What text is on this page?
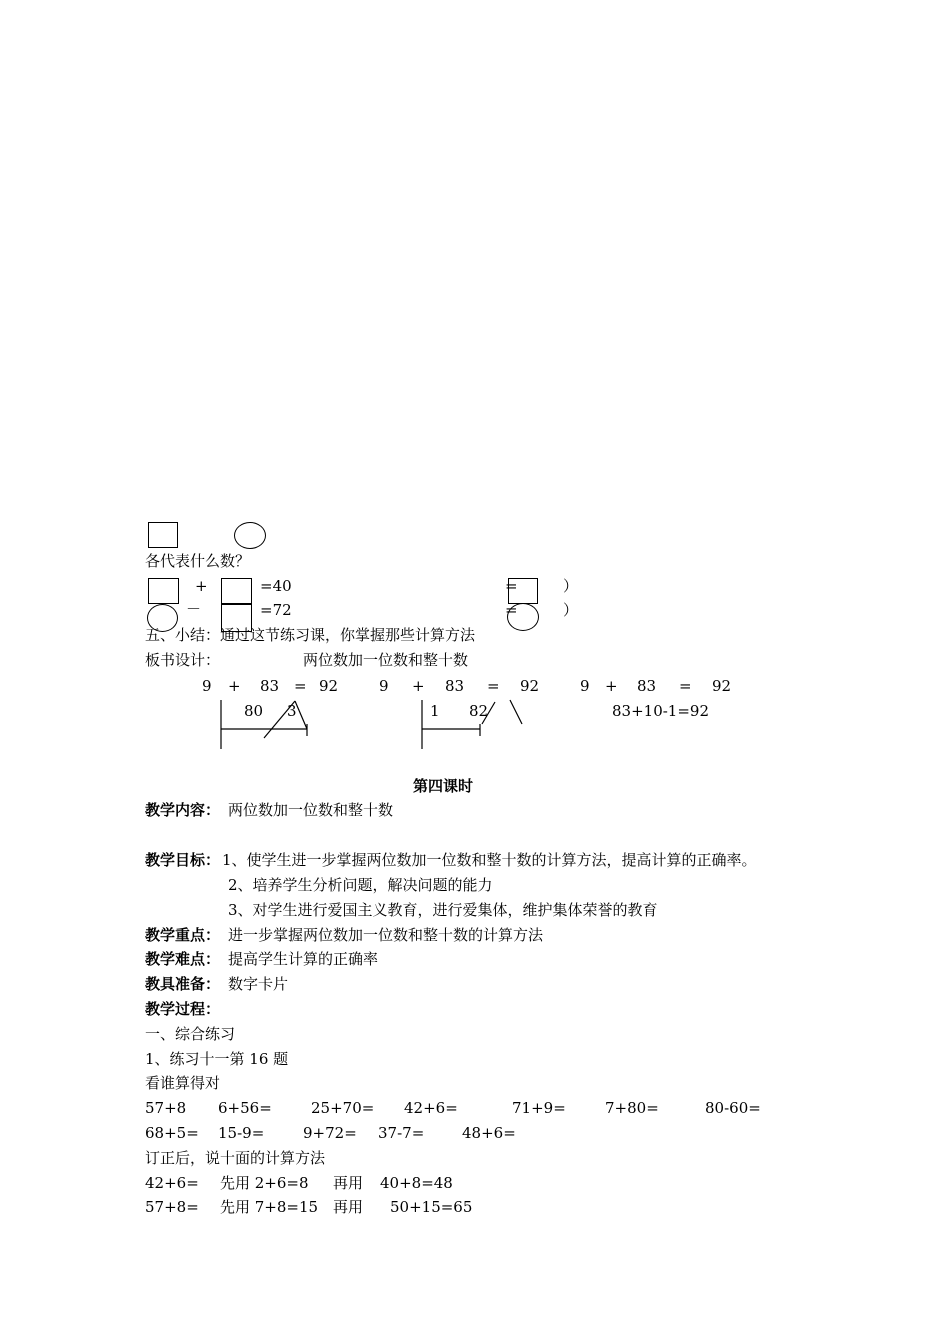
各代表什么数？
+	=40	=	）
－	=72	=	）
五、小结：通过这节练习课，你掌握那些计算方法
板书设计：	两位数加一位数和整十数
9 + 83 = 92
80 3
9 + 83 = 92
1 82
9 + 83 = 92
83+10-1=92
第四课时
教学内容： 两位数加一位数和整十数
教学目标： 1、使学生进一步掌握两位数加一位数和整十数的计算方法，提高计算的正确率。
2、培养学生分析问题，解决问题的能力
3、对学生进行爱国主义教育，进行爱集体，维护集体荣誉的教育
教学重点： 进一步掌握两位数加一位数和整十数的计算方法
教学难点： 提高学生计算的正确率
教具准备： 数字卡片
教学过程：
一、综合练习
1、练习十一第 16 题
看谁算得对
57+8 6+56=	25+70= 42+6=	71+9=	7+80=	80-60=
68+5= 15-9=	9+72= 37-7=	48+6=
订正后，说十面的计算方法
42+6= 先用 2+6=8 再用 40+8=48
57+8= 先用 7+8=15 再用 50+15=65
